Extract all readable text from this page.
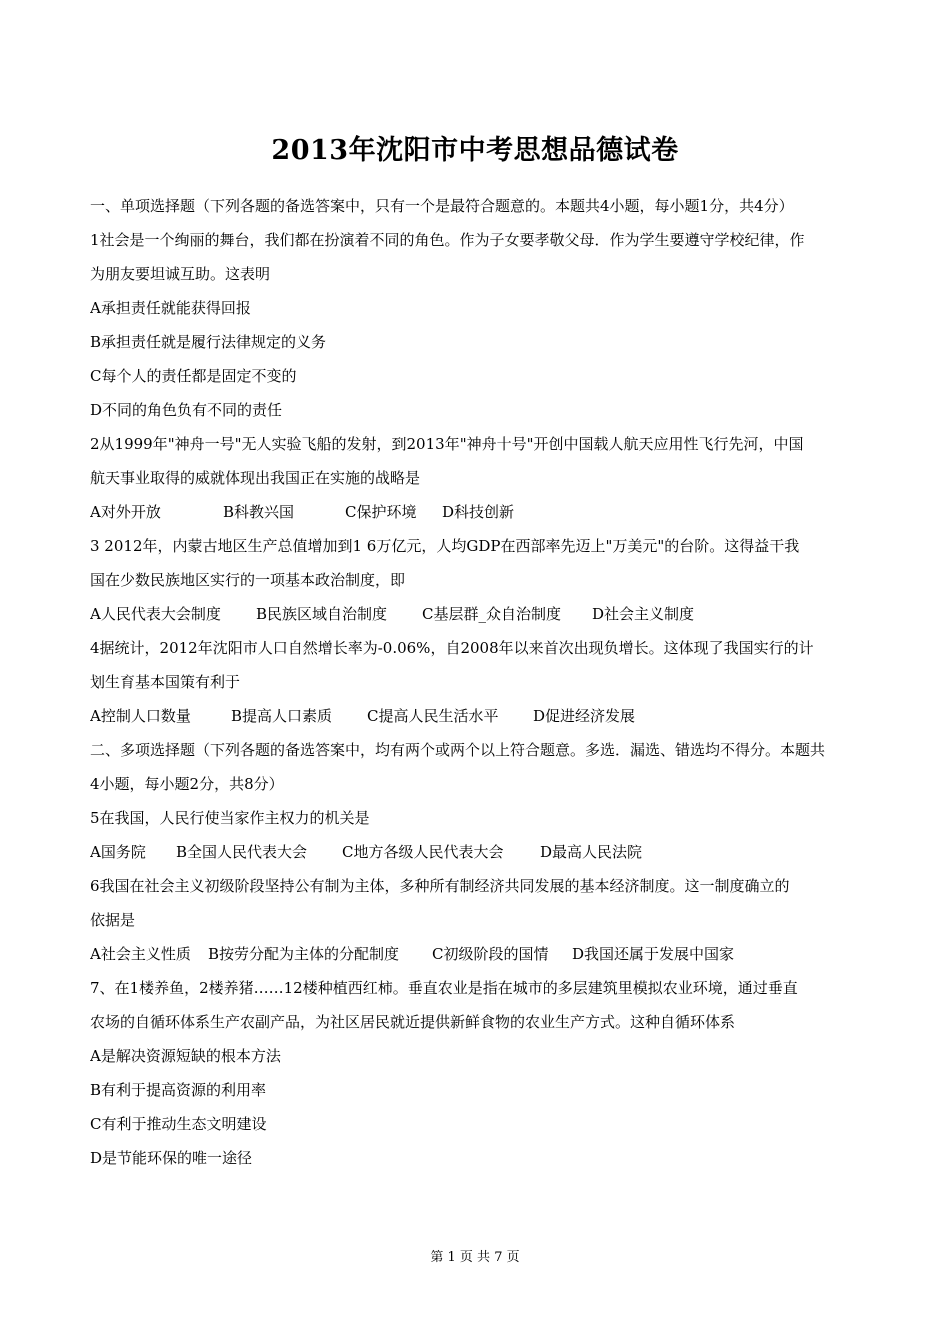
2013年沈阳市中考思想品德试卷
一、单项选择题（下列各题的备选答案中，只有一个是最符合题意的。本题共4小题，每小题1分，共4分）
1社会是一个绚丽的舞台，我们都在扮演着不同的角色。作为子女要孝敬父母．作为学生要遵守学校纪律，作
为朋友要坦诚互助。这表明
A承担责任就能获得回报
B承担责任就是履行法律规定的义务
C每个人的责任都是固定不变的
D不同的角色负有不同的责任
2从1999年"神舟一号"无人实验飞船的发射，到2013年"神舟十号"开创中国载人航天应用性飞行先河，中国
航天事业取得的威就体现出我国正在实施的战略是
A对外开放	B科教兴国	C保护环境 D科技创新
3 2012年，内蒙古地区生产总值增加到1 6万亿元，人均GDP在西部率先迈上"万美元"的台阶。这得益干我
国在少数民族地区实行的一项基本政治制度，即
A人民代表大会制度 B民族区域自治制度 C基层群_众自治制度 D社会主义制度
4据统计，2012年沈阳市人口自然增长率为-0.06%，自2008年以来首次出现负增长。这体现了我国实行的计
划生育基本国策有利于
A控制人口数量	B提高人口素质 C提高人民生活水平 D促进经济发展
二、多项选择题（下列各题的备选答案中，均有两个或两个以上符合题意。多选．漏选、错选均不得分。本题共
4小题，每小题2分，共8分）
5在我国，人民行使当家作主权力的机关是
A国务院 B全国人民代表大会 C地方各级人民代表大会 D最高人民法院
6我国在社会主义初级阶段坚持公有制为主体，多种所有制经济共同发展的基本经济制度。这一制度确立的
依据是
A社会主义性质 B按劳分配为主体的分配制度 C初级阶段的国情 D我国还属于发展中国家
7、在1楼养鱼，2楼养猪……12楼种植西红柿。垂直农业是指在城市的多层建筑里模拟农业环境，通过垂直
农场的自循环体系生产农副产品，为社区居民就近提供新鲜食物的农业生产方式。这种自循环体系
A是解决资源短缺的根本方法
B有利于提高资源的利用率
C有利于推动生态文明建设
D是节能环保的唯一途径
第 1 页 共 7 页
